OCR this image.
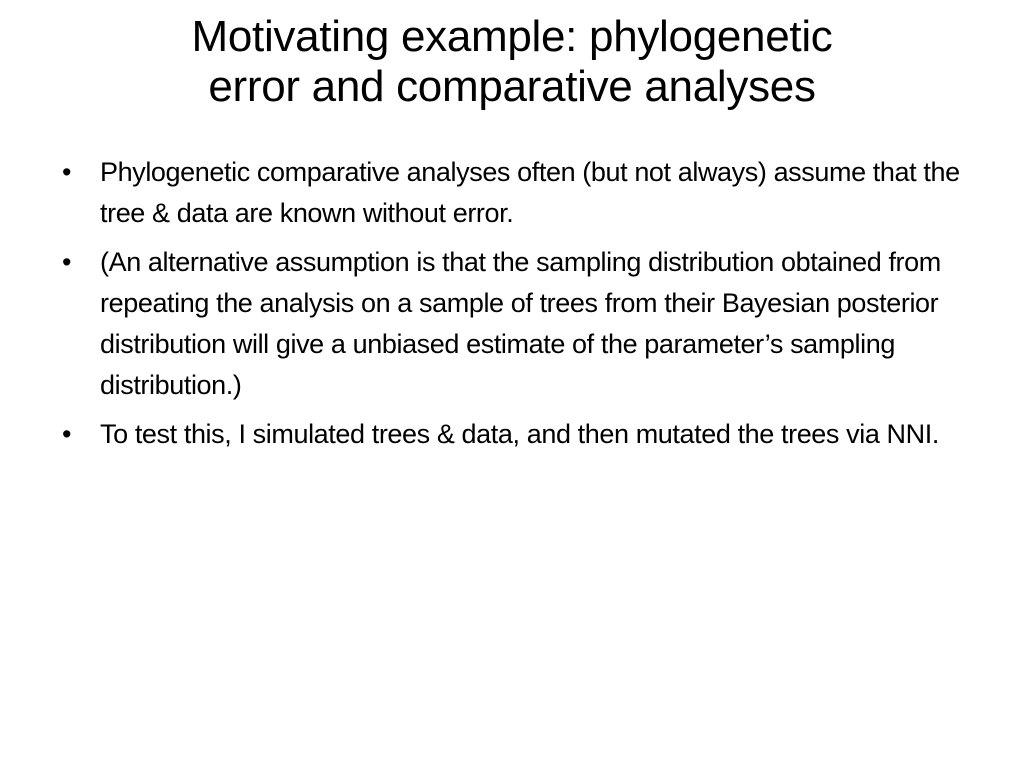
Motivating example: phylogenetic
error and comparative analyses
•	Phylogenetic comparative analyses often (but not always) assume that the tree & data are known without error.
•	(An alternative assumption is that the sampling distribution obtained from repeating the analysis on a sample of trees from their Bayesian posterior distribution will give a unbiased estimate of the parameter’s sampling distribution.)
•	To test this, I simulated trees & data, and then mutated the trees via NNI.
